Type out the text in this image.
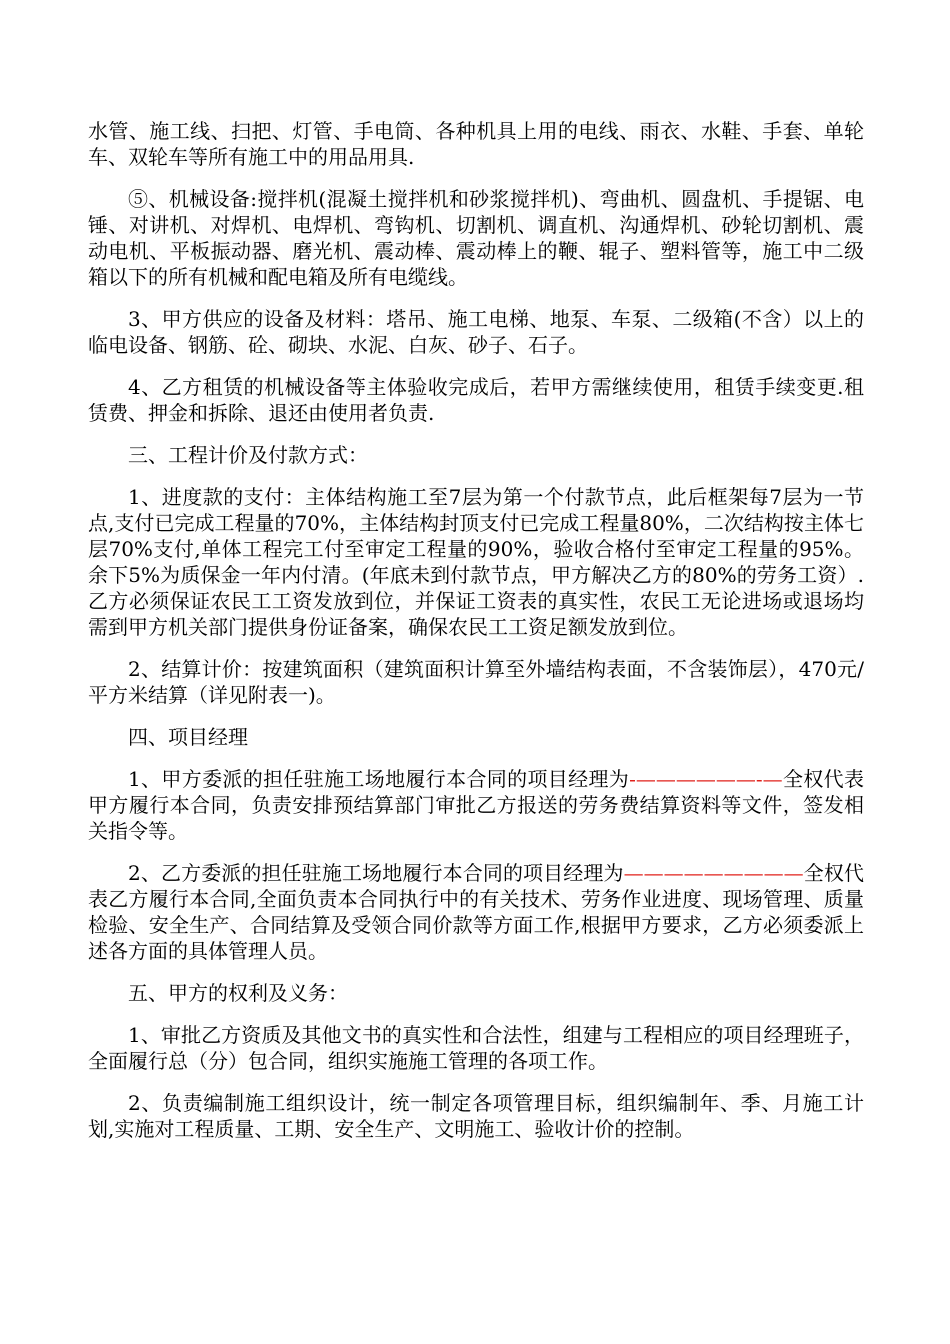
水管、施工线、扫把、灯管、手电筒、各种机具上用的电线、雨衣、水鞋、手套、单轮车、双轮车等所有施工中的用品用具.

⑤、机械设备:搅拌机(混凝土搅拌机和砂浆搅拌机)、弯曲机、圆盘机、手提锯、电锤、对讲机、对焊机、电焊机、弯钩机、切割机、调直机、沟通焊机、砂轮切割机、震动电机、平板振动器、磨光机、震动棒、震动棒上的鞭、辊子、塑料管等，施工中二级箱以下的所有机械和配电箱及所有电缆线。

3、甲方供应的设备及材料：塔吊、施工电梯、地泵、车泵、二级箱(不含）以上的临电设备、钢筋、砼、砌块、水泥、白灰、砂子、石子。

4、乙方租赁的机械设备等主体验收完成后，若甲方需继续使用，租赁手续变更.租赁费、押金和拆除、退还由使用者负责.

三、工程计价及付款方式：

1、进度款的支付：主体结构施工至7层为第一个付款节点，此后框架每7层为一节点,支付已完成工程量的70%，主体结构封顶支付已完成工程量80%，二次结构按主体七层70%支付,单体工程完工付至审定工程量的90%，验收合格付至审定工程量的95%。余下5%为质保金一年内付清。(年底未到付款节点，甲方解决乙方的80%的劳务工资）.乙方必须保证农民工工资发放到位，并保证工资表的真实性，农民工无论进场或退场均需到甲方机关部门提供身份证备案，确保农民工工资足额发放到位。

2、结算计价：按建筑面积（建筑面积计算至外墙结构表面，不含装饰层），470元/平方米结算（详见附表一)。

四、项目经理

1、甲方委派的担任驻施工场地履行本合同的项目经理为-——————-—全权代表甲方履行本合同，负责安排预结算部门审批乙方报送的劳务费结算资料等文件，签发相关指令等。

2、乙方委派的担任驻施工场地履行本合同的项目经理为—————————全权代表乙方履行本合同,全面负责本合同执行中的有关技术、劳务作业进度、现场管理、质量检验、安全生产、合同结算及受领合同价款等方面工作,根据甲方要求，乙方必须委派上述各方面的具体管理人员。

五、甲方的权利及义务：

1、审批乙方资质及其他文书的真实性和合法性，组建与工程相应的项目经理班子，全面履行总（分）包合同，组织实施施工管理的各项工作。

2、负责编制施工组织设计，统一制定各项管理目标，组织编制年、季、月施工计划,实施对工程质量、工期、安全生产、文明施工、验收计价的控制。
